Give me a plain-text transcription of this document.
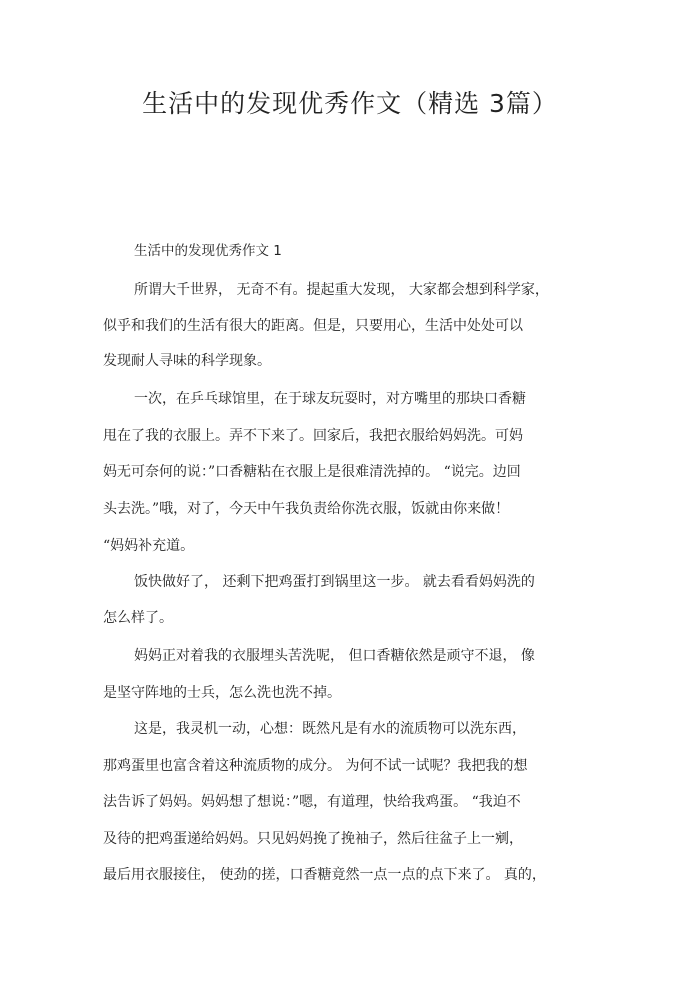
生活中的发现优秀作文（精选 3篇）
生活中的发现优秀作文 1
所谓大千世界， 无奇不有。提起重大发现， 大家都会想到科学家，
似乎和我们的生活有很大的距离。但是，只要用心，生活中处处可以
发现耐人寻味的科学现象。
一次，在乒乓球馆里，在于球友玩耍时，对方嘴里的那块口香糖
甩在了我的衣服上。弄不下来了。回家后，我把衣服给妈妈洗。可妈
妈无可奈何的说：”口香糖粘在衣服上是很难清洗掉的。 “说完。边回
头去洗。”哦，对了，今天中午我负责给你洗衣服，饭就由你来做！
“妈妈补充道。
饭快做好了， 还剩下把鸡蛋打到锅里这一步。 就去看看妈妈洗的
怎么样了。
妈妈正对着我的衣服埋头苦洗呢， 但口香糖依然是顽守不退， 像
是坚守阵地的士兵，怎么洗也洗不掉。
这是，我灵机一动，心想：既然凡是有水的流质物可以洗东西，
那鸡蛋里也富含着这种流质物的成分。 为何不试一试呢？我把我的想
法告诉了妈妈。妈妈想了想说：”嗯，有道理，快给我鸡蛋。 “我迫不
及待的把鸡蛋递给妈妈。只见妈妈挽了挽袖子，然后往盆子上一剜，
最后用衣服接住， 使劲的搓，口香糖竟然一点一点的点下来了。 真的，
